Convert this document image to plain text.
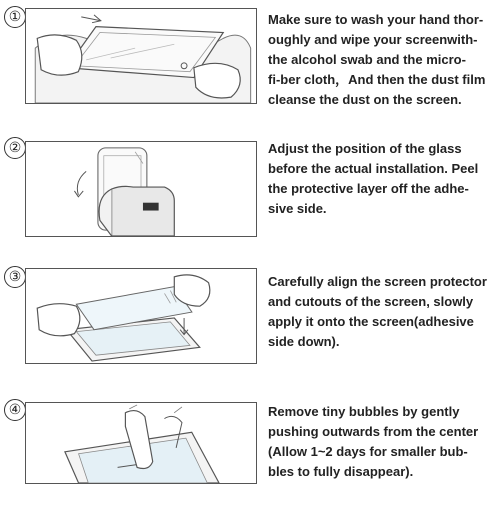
①	Make sure to wash your hand thor-
oughly and wipe your screenwith-
the alcohol swab and the micro-
fi-ber cloth，And then the dust film
cleanse the dust on the screen.

②	Adjust the position of the glass
before the actual installation. Peel
the protective layer off the adhe-
sive side.

③	Carefully align the screen protector
and cutouts of the screen, slowly
apply it onto the screen(adhesive
side down).

④	Remove tiny bubbles by gently
pushing outwards from the center
(Allow 1~2 days for smaller bub-
bles to fully disappear).
